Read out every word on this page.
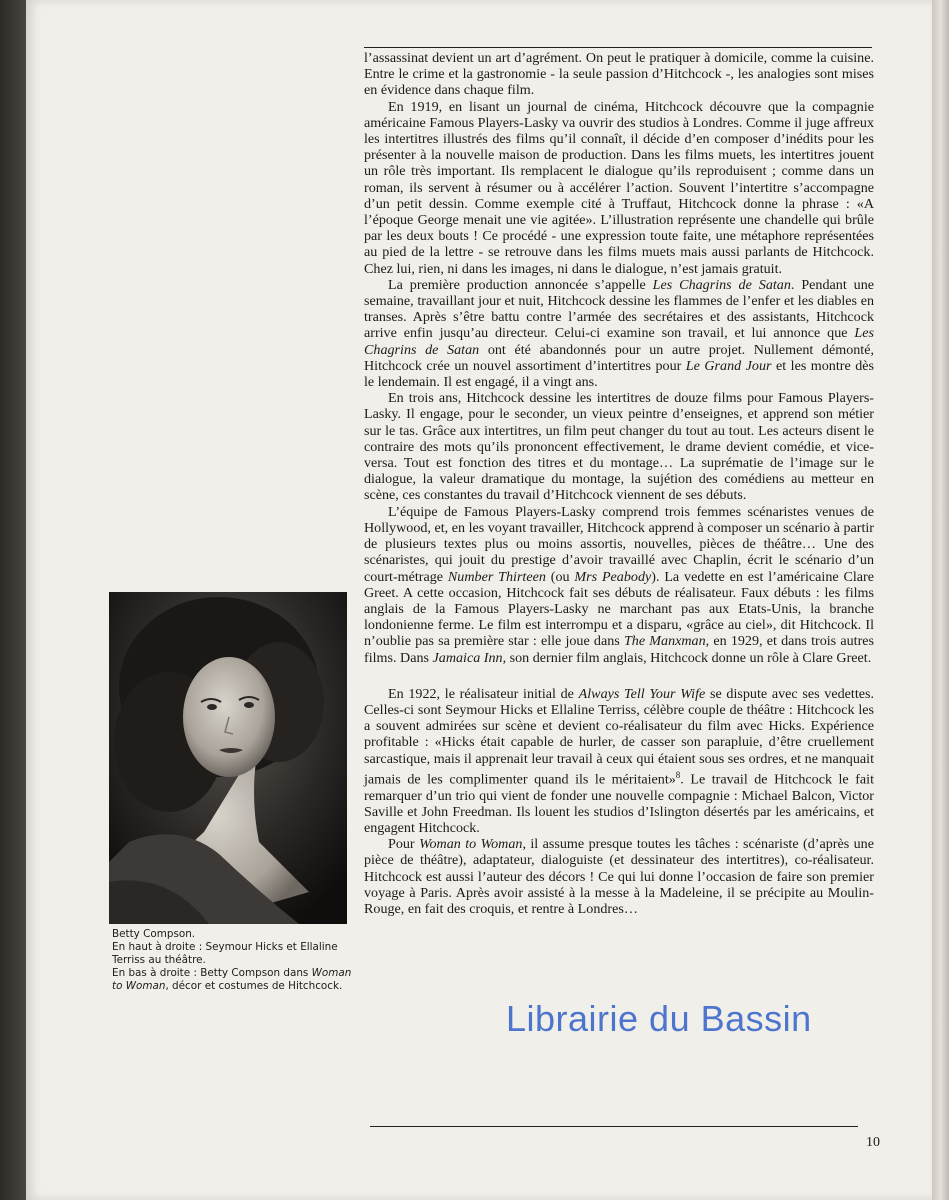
l’assassinat devient un art d’agrément. On peut le pratiquer à domicile, comme la cuisine. Entre le crime et la gastronomie - la seule passion d’Hitchcock -, les analogies sont mises en évidence dans chaque film.

En 1919, en lisant un journal de cinéma, Hitchcock découvre que la compagnie américaine Famous Players-Lasky va ouvrir des studios à Londres. Comme il juge affreux les intertitres illustrés des films qu’il connaît, il décide d’en composer d’inédits pour les présenter à la nouvelle maison de production. Dans les films muets, les intertitres jouent un rôle très important. Ils remplacent le dialogue qu’ils reproduisent ; comme dans un roman, ils servent à résumer ou à accélérer l’action. Souvent l’intertitre s’accompagne d’un petit dessin. Comme exemple cité à Truffaut, Hitchcock donne la phrase : «A l’époque George menait une vie agitée». L’illustration représente une chandelle qui brûle par les deux bouts ! Ce procédé - une expression toute faite, une métaphore représentées au pied de la lettre - se retrouve dans les films muets mais aussi parlants de Hitchcock. Chez lui, rien, ni dans les images, ni dans le dialogue, n’est jamais gratuit.

La première production annoncée s’appelle Les Chagrins de Satan. Pendant une semaine, travaillant jour et nuit, Hitchcock dessine les flammes de l’enfer et les diables en transes. Après s’être battu contre l’armée des secrétaires et des assistants, Hitchcock arrive enfin jusqu’au directeur. Celui-ci examine son travail, et lui annonce que Les Chagrins de Satan ont été abandonnés pour un autre projet. Nullement démonté, Hitchcock crée un nouvel assortiment d’intertitres pour Le Grand Jour et les montre dès le lendemain. Il est engagé, il a vingt ans.

En trois ans, Hitchcock dessine les intertitres de douze films pour Famous Players-Lasky. Il engage, pour le seconder, un vieux peintre d’enseignes, et apprend son métier sur le tas. Grâce aux intertitres, un film peut changer du tout au tout. Les acteurs disent le contraire des mots qu’ils prononcent effectivement, le drame devient comédie, et vice-versa. Tout est fonction des titres et du montage… La suprématie de l’image sur le dialogue, la valeur dramatique du montage, la sujétion des comédiens au metteur en scène, ces constantes du travail d’Hitchcock viennent de ses débuts.

L’équipe de Famous Players-Lasky comprend trois femmes scénaristes venues de Hollywood, et, en les voyant travailler, Hitchcock apprend à composer un scénario à partir de plusieurs textes plus ou moins assortis, nouvelles, pièces de théâtre… Une des scénaristes, qui jouit du prestige d’avoir travaillé avec Chaplin, écrit le scénario d’un court-métrage Number Thirteen (ou Mrs Peabody). La vedette en est l’américaine Clare Greet. A cette occasion, Hitchcock fait ses débuts de réalisateur. Faux débuts : les films anglais de la Famous Players-Lasky ne marchant pas aux Etats-Unis, la branche londonienne ferme. Le film est interrompu et a disparu, «grâce au ciel», dit Hitchcock. Il n’oublie pas sa première star : elle joue dans The Manxman, en 1929, et dans trois autres films. Dans Jamaica Inn, son dernier film anglais, Hitchcock donne un rôle à Clare Greet.

En 1922, le réalisateur initial de Always Tell Your Wife se dispute avec ses vedettes. Celles-ci sont Seymour Hicks et Ellaline Terriss, célèbre couple de théâtre : Hitchcock les a souvent admirées sur scène et devient co-réalisateur du film avec Hicks. Expérience profitable : «Hicks était capable de hurler, de casser son parapluie, d’être cruellement sarcastique, mais il apprenait leur travail à ceux qui étaient sous ses ordres, et ne manquait jamais de les complimenter quand ils le méritaient»$^8$. Le travail de Hitchcock le fait remarquer d’un trio qui vient de fonder une nouvelle compagnie : Michael Balcon, Victor Saville et John Freedman. Ils louent les studios d’Islington désertés par les américains, et engagent Hitchcock.

Pour Woman to Woman, il assume presque toutes les tâches : scénariste (d’après une pièce de théâtre), adaptateur, dialoguiste (et dessinateur des intertitres), co-réalisateur. Hitchcock est aussi l’auteur des décors ! Ce qui lui donne l’occasion de faire son premier voyage à Paris. Après avoir assisté à la messe à la Madeleine, il se précipite au Moulin-Rouge, en fait des croquis, et rentre à Londres…

Betty Compson.
En haut à droite : Seymour Hicks et Ellaline Terriss au théâtre.
En bas à droite : Betty Compson dans Woman to Woman, décor et costumes de Hitchcock.
Librairie du Bassin
10
